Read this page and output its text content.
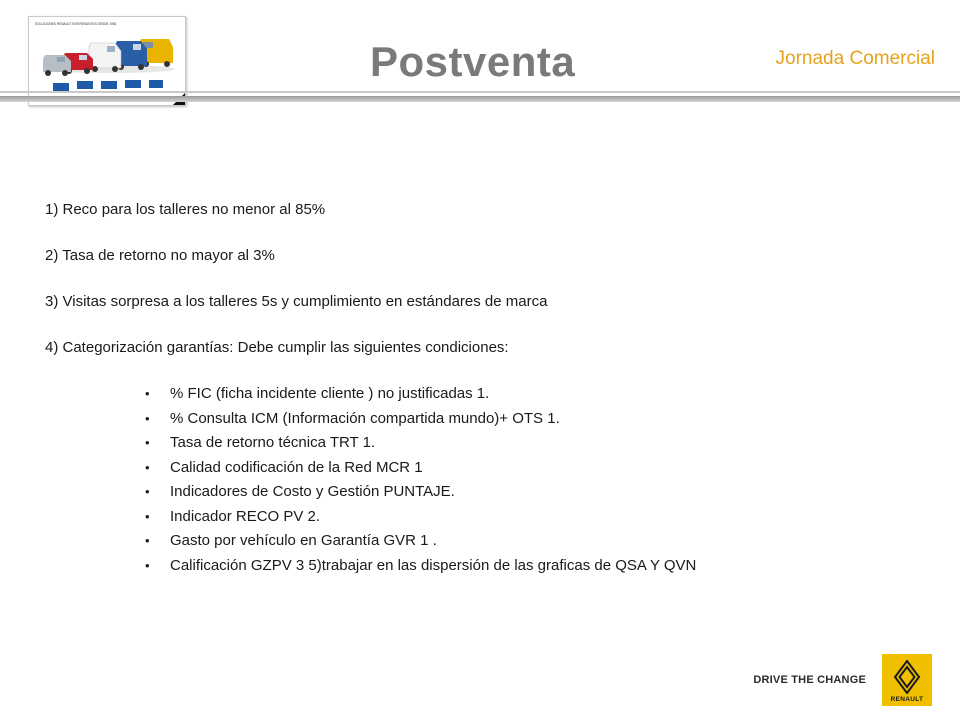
SOLUCIONES RENAULT INTERESANTES DESDE 1981
Postventa	Jornada Comercial

1) Reco para los talleres no menor al 85%

2) Tasa de retorno no mayor al 3%

3) Visitas sorpresa a los talleres 5s y cumplimiento en estándares de marca

4) Categorización garantías: Debe cumplir las siguientes condiciones:

• % FIC (ficha incidente cliente ) no justificadas 1.
• % Consulta ICM (Información compartida mundo)+ OTS 1.
• Tasa de retorno técnica TRT 1.
• Calidad codificación de la Red MCR 1
• Indicadores de Costo y Gestión PUNTAJE.
• Indicador RECO PV 2.
• Gasto por vehículo en Garantía GVR 1 .
• Calificación GZPV 3 5)trabajar en las dispersión de las graficas de QSA Y QVN
DRIVE THE CHANGE
RENAULT
